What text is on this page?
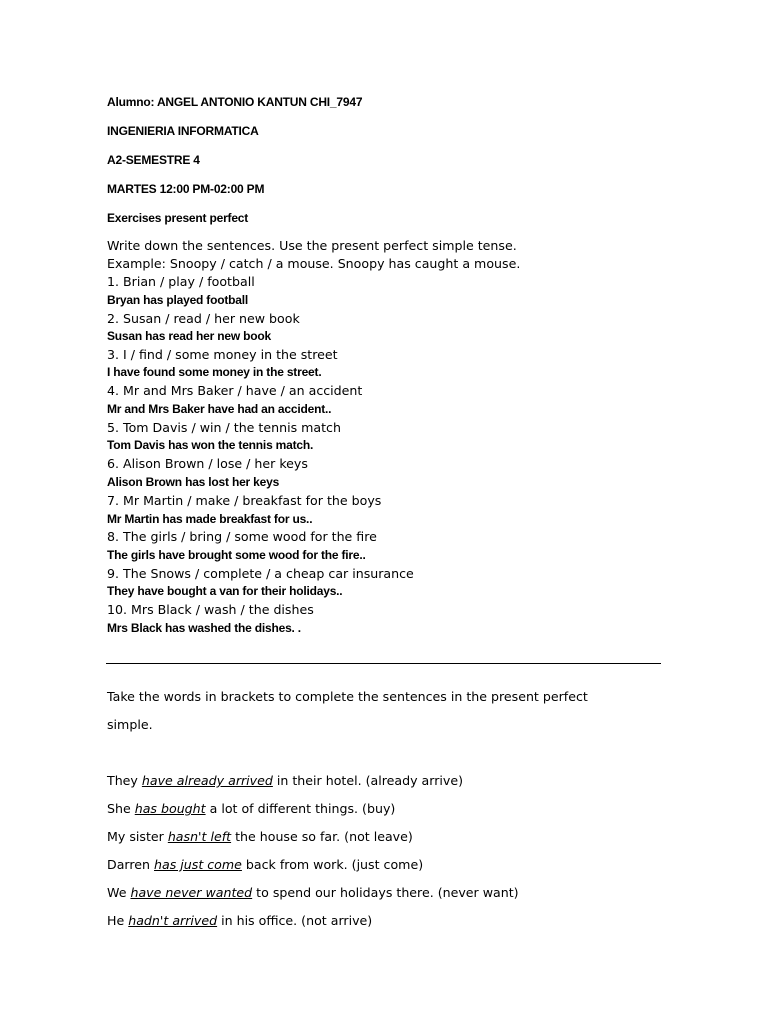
Alumno: ANGEL ANTONIO KANTUN CHI_7947
INGENIERIA INFORMATICA
A2-SEMESTRE 4
MARTES 12:00 PM-02:00 PM
Exercises present perfect
Write down the sentences. Use the present perfect simple tense.
Example: Snoopy / catch / a mouse. Snoopy has caught a mouse.
1. Brian / play / football
Bryan has played football
2. Susan / read / her new book
Susan has read her new book
3. I / find / some money in the street
I have found some money in the street.
4. Mr and Mrs Baker / have / an accident
Mr and Mrs Baker have had an accident..
5. Tom Davis / win / the tennis match
Tom Davis has won the tennis match.
6. Alison Brown / lose / her keys
Alison Brown has lost her keys
7. Mr Martin / make / breakfast for the boys
Mr Martin has made breakfast for us..
8. The girls / bring / some wood for the fire
The girls have brought some wood for the fire..
9. The Snows / complete / a cheap car insurance
They have bought a van for their holidays..
10. Mrs Black / wash / the dishes
Mrs Black has washed the dishes. .
Take the words in brackets to complete the sentences in the present perfect
simple.
They have already arrived in their hotel. (already arrive)
She has bought a lot of different things. (buy)
My sister hasn't left the house so far. (not leave)
Darren has just come back from work. (just come)
We have never wanted to spend our holidays there. (never want)
He hadn't arrived in his office. (not arrive)
